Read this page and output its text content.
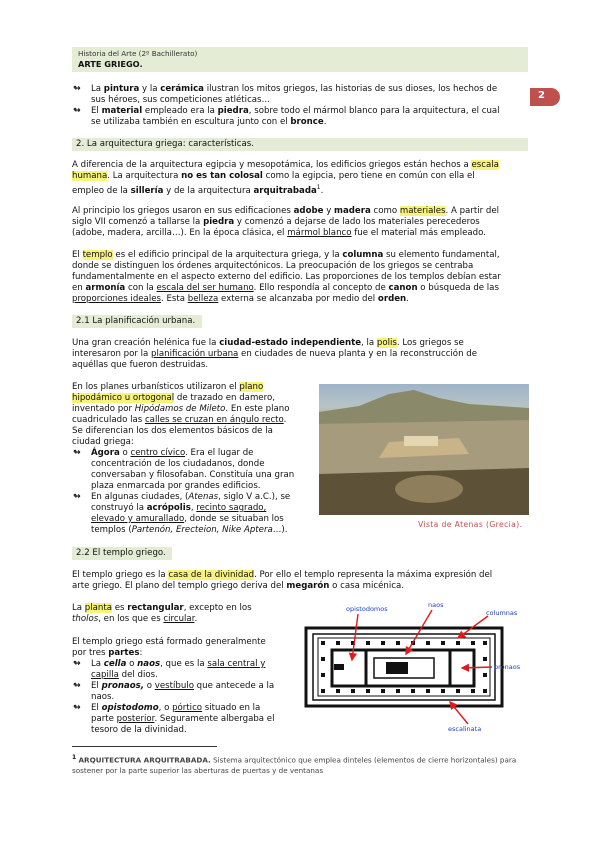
Historia del Arte (2º Bachillerato)
ARTE GRIEGO.
2
↬ La pintura y la cerámica ilustran los mitos griegos, las historias de sus dioses, los hechos de
sus héroes, sus competiciones atléticas…
↬ El material empleado era la piedra, sobre todo el mármol blanco para la arquitectura, el cual
se utilizaba también en escultura junto con el bronce.
2. La arquitectura griega: características.
A diferencia de la arquitectura egipcia y mesopotámica, los edificios griegos están hechos a escala
humana. La arquitectura no es tan colosal como la egipcia, pero tiene en común con ella el
empleo de la sillería y de la arquitectura arquitrabada$^1$.
Al principio los griegos usaron en sus edificaciones adobe y madera como materiales. A partir del
siglo VII comenzó a tallarse la piedra y comenzó a dejarse de lado los materiales perecederos
(adobe, madera, arcilla…). En la época clásica, el mármol blanco fue el material más empleado.
El templo es el edificio principal de la arquitectura griega, y la columna su elemento fundamental,
donde se distinguen los órdenes arquitectónicos. La preocupación de los griegos se centraba
fundamentalmente en el aspecto externo del edificio. Las proporciones de los templos debían estar
en armonía con la escala del ser humano. Ello respondía al concepto de canon o búsqueda de las
proporciones ideales. Esta belleza externa se alcanzaba por medio del orden.
2.1 La planificación urbana.
Una gran creación helénica fue la ciudad-estado independiente, la polis. Los griegos se
interesaron por la planificación urbana en ciudades de nueva planta y en la reconstrucción de
aquéllas que fueron destruidas.
En los planes urbanísticos utilizaron el plano
hipodámico u ortogonal de trazado en damero,
inventado por Hipódamos de Mileto. En este plano
cuadriculado las calles se cruzan en ángulo recto.
Se diferencian los dos elementos básicos de la
ciudad griega:
↬ Ágora o centro cívico. Era el lugar de
concentración de los ciudadanos, donde
conversaban y filosofaban. Constituía una gran
plaza enmarcada por grandes edificios.
↬ En algunas ciudades, (Atenas, siglo V a.C.), se
construyó la acrópolis, recinto sagrado,
elevado y amurallado, donde se situaban los
templos (Partenón, Erecteion, Nike Aptera…).
Vista de Atenas (Grecia).
2.2 El templo griego.
El templo griego es la casa de la divinidad. Por ello el templo representa la máxima expresión del
arte griego. El plano del templo griego deriva del megarón o casa micénica.
La planta es rectangular, excepto en los
tholos, en los que es circular.
El templo griego está formado generalmente
por tres partes:
↬ La cella o naos, que es la sala central y
capilla del dios.
↬ El pronaos, o vestíbulo que antecede a la
naos.
↬ El opistodomo, o pórtico situado en la
parte posterior. Seguramente albergaba el
tesoro de la divinidad.
opistodomos	naos
columnas
pronaos
escalinata
$^1$ ARQUITECTURA ARQUITRABADA. Sistema arquitectónico que emplea dinteles (elementos de cierre horizontales) para
sostener por la parte superior las aberturas de puertas y de ventanas
